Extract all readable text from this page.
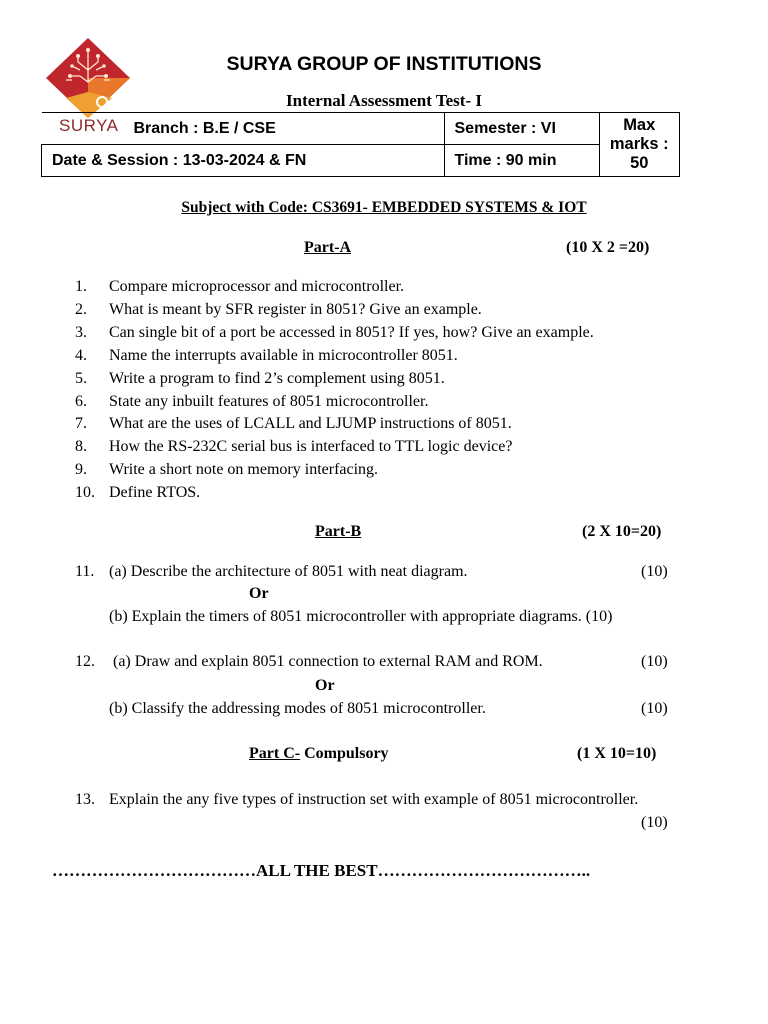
SURYA
SURYA GROUP OF INSTITUTIONS
Internal Assessment Test- I
Branch : B.E / CSE	Semester : VI	Max marks : 50
Date & Session : 13-03-2024 & FN	Time : 90 min	
Subject with Code: CS3691- EMBEDDED SYSTEMS & IOT
Part-A	(10 X 2 =20)
1. Compare microprocessor and microcontroller.
2. What is meant by SFR register in 8051? Give an example.
3. Can single bit of a port be accessed in 8051? If yes, how? Give an example.
4. Name the interrupts available in microcontroller 8051.
5. Write a program to find 2’s complement using 8051.
6. State any inbuilt features of 8051 microcontroller.
7. What are the uses of LCALL and LJUMP instructions of 8051.
8. How the RS-232C serial bus is interfaced to TTL logic device?
9. Write a short note on memory interfacing.
10. Define RTOS.
Part-B	(2 X 10=20)
11. (a) Describe the architecture of 8051 with neat diagram.	(10)
Or
(b) Explain the timers of 8051 microcontroller with appropriate diagrams. (10)
12. (a) Draw and explain 8051 connection to external RAM and ROM.	(10)
Or
(b) Classify the addressing modes of 8051 microcontroller.	(10)
Part C- Compulsory	(1 X 10=10)
13. Explain the any five types of instruction set with example of 8051 microcontroller.
(10)
………………………………ALL THE BEST………………………………..
